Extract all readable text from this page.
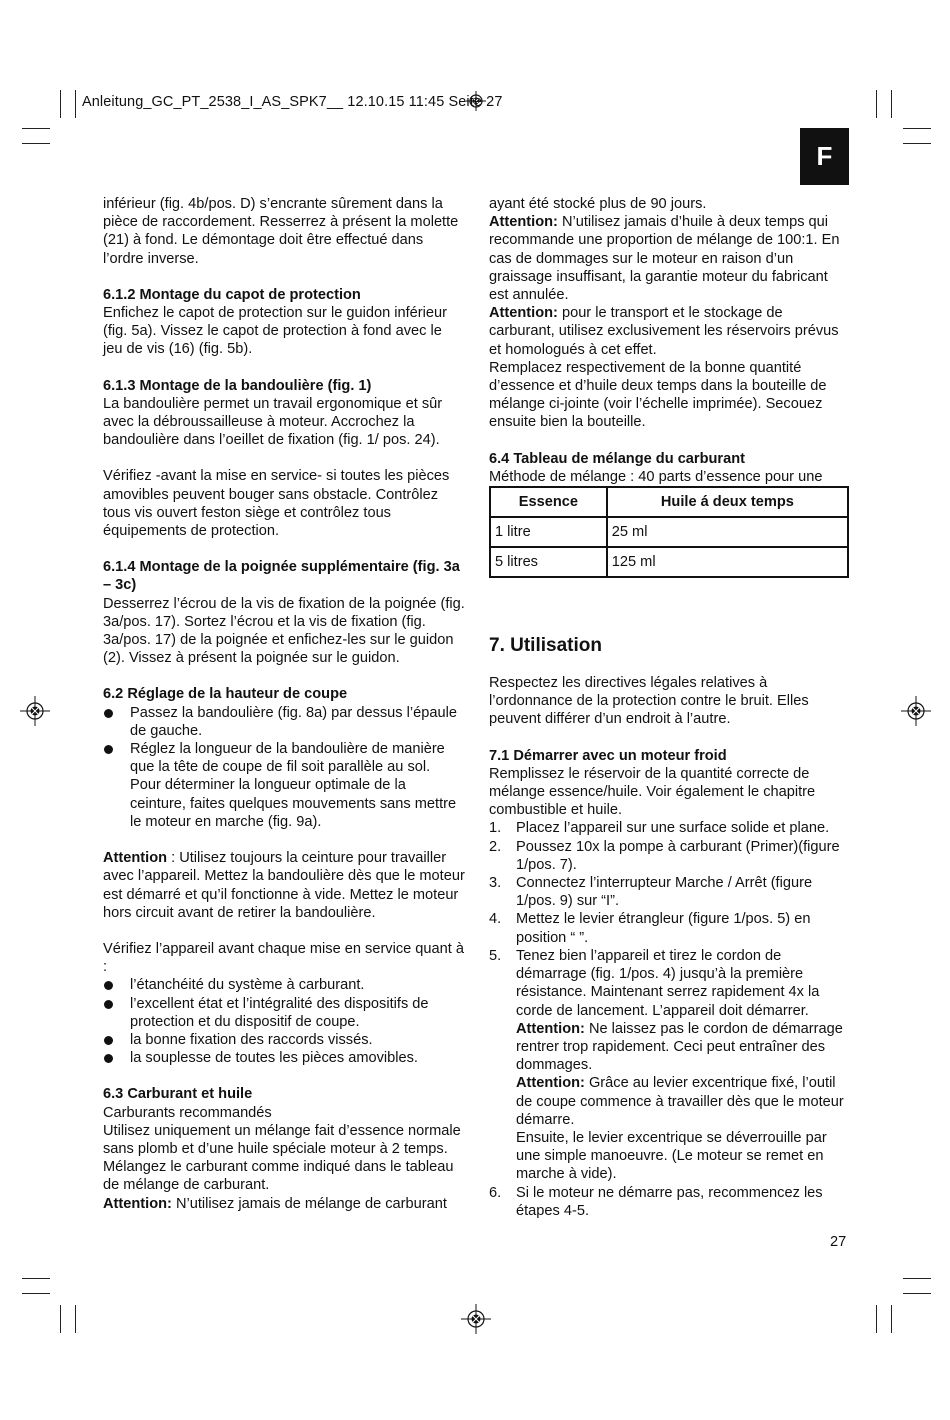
Anleitung_GC_PT_2538_I_AS_SPK7__ 12.10.15 11:45 Seite 27
F

inférieur (fig. 4b/pos. D) s’encrante sûrement dans la pièce de raccordement. Resserrez à présent la molette (21) à fond. Le démontage doit être effectué dans l’ordre inverse.

6.1.2 Montage du capot de protection

Enfichez le capot de protection sur le guidon inférieur (fig. 5a). Vissez le capot de protection à fond avec le jeu de vis (16) (fig. 5b).

6.1.3 Montage de la bandoulière (fig. 1)

La bandoulière permet un travail ergonomique et sûr avec la débroussailleuse à moteur. Accrochez la bandoulière dans l’oeillet de fixation (fig. 1/ pos. 24).

Vérifiez -avant la mise en service- si toutes les pièces amovibles peuvent bouger sans obstacle. Contrôlez tous vis ouvert feston siège et contrôlez tous équipements de protection.

6.1.4 Montage de la poignée supplémentaire (fig. 3a – 3c)

Desserrez l’écrou de la vis de fixation de la poignée (fig. 3a/pos. 17). Sortez l’écrou et la vis de fixation (fig. 3a/pos. 17) de la poignée et enfichez-les sur le guidon (2). Vissez à présent la poignée sur le guidon.

6.2 Réglage de la hauteur de coupe

Passez la bandoulière (fig. 8a) par dessus l’épaule de gauche.
Réglez la longueur de la bandoulière de manière que la tête de coupe de fil soit parallèle au sol. Pour déterminer la longueur optimale de la ceinture, faites quelques mouvements sans mettre le moteur en marche (fig. 9a).

Attention : Utilisez toujours la ceinture pour travailler avec l’appareil. Mettez la bandoulière dès que le moteur est démarré et qu’il fonctionne à vide. Mettez le moteur hors circuit avant de retirer la bandoulière.

Vérifiez l’appareil avant chaque mise en service quant à :

l’étanchéité du système à carburant.
l’excellent état et l’intégralité des dispositifs de protection et du dispositif de coupe.
la bonne fixation des raccords vissés.
la souplesse de toutes les pièces amovibles.

6.3 Carburant et huile

Carburants recommandés

Utilisez uniquement un mélange fait d’essence normale sans plomb et d’une huile spéciale moteur à 2 temps. Mélangez le carburant comme indiqué dans le tableau de mélange de carburant.

Attention: N’utilisez jamais de mélange de carburant

ayant été stocké plus de 90 jours.

Attention: N’utilisez jamais d’huile à deux temps qui recommande une proportion de mélange de 100:1. En cas de dommages sur le moteur en raison d’un graissage insuffisant, la garantie moteur du fabricant est annulée.

Attention: pour le transport et le stockage de carburant, utilisez exclusivement les réservoirs prévus et homologués à cet effet.

Remplacez respectivement de la bonne quantité d’essence et d’huile deux temps dans la bouteille de mélange ci-jointe (voir l’échelle imprimée). Secouez ensuite bien la bouteille.

6.4 Tableau de mélange du carburant

Méthode de mélange : 40 parts d’essence pour une

Essence	Huile á deux temps
1 litre	25 ml
5 litres	125 ml

7. Utilisation

Respectez les directives légales relatives à l’ordonnance de la protection contre le bruit. Elles peuvent différer d’un endroit à l’autre.

7.1 Démarrer avec un moteur froid

Remplissez le réservoir de la quantité correcte de mélange essence/huile. Voir également le chapitre combustible et huile.

1. Placez l’appareil sur une surface solide et plane.
2. Poussez 10x la pompe à carburant (Primer)(figure 1/pos. 7).
3. Connectez l’interrupteur Marche / Arrêt (figure 1/pos. 9) sur “I”.
4. Mettez le levier étrangleur (figure 1/pos. 5) en position “ ”.
5. Tenez bien l’appareil et tirez le cordon de démarrage (fig. 1/pos. 4) jusqu’à la première résistance. Maintenant serrez rapidement 4x la corde de lancement. L’appareil doit démarrer.
Attention: Ne laissez pas le cordon de démarrage rentrer trop rapidement. Ceci peut entraîner des dommages.
Attention: Grâce au levier excentrique fixé, l’outil de coupe commence à travailler dès que le moteur démarre.
Ensuite, le levier excentrique se déverrouille par une simple manoeuvre. (Le moteur se remet en marche à vide).
6. Si le moteur ne démarre pas, recommencez les étapes 4-5.
27
